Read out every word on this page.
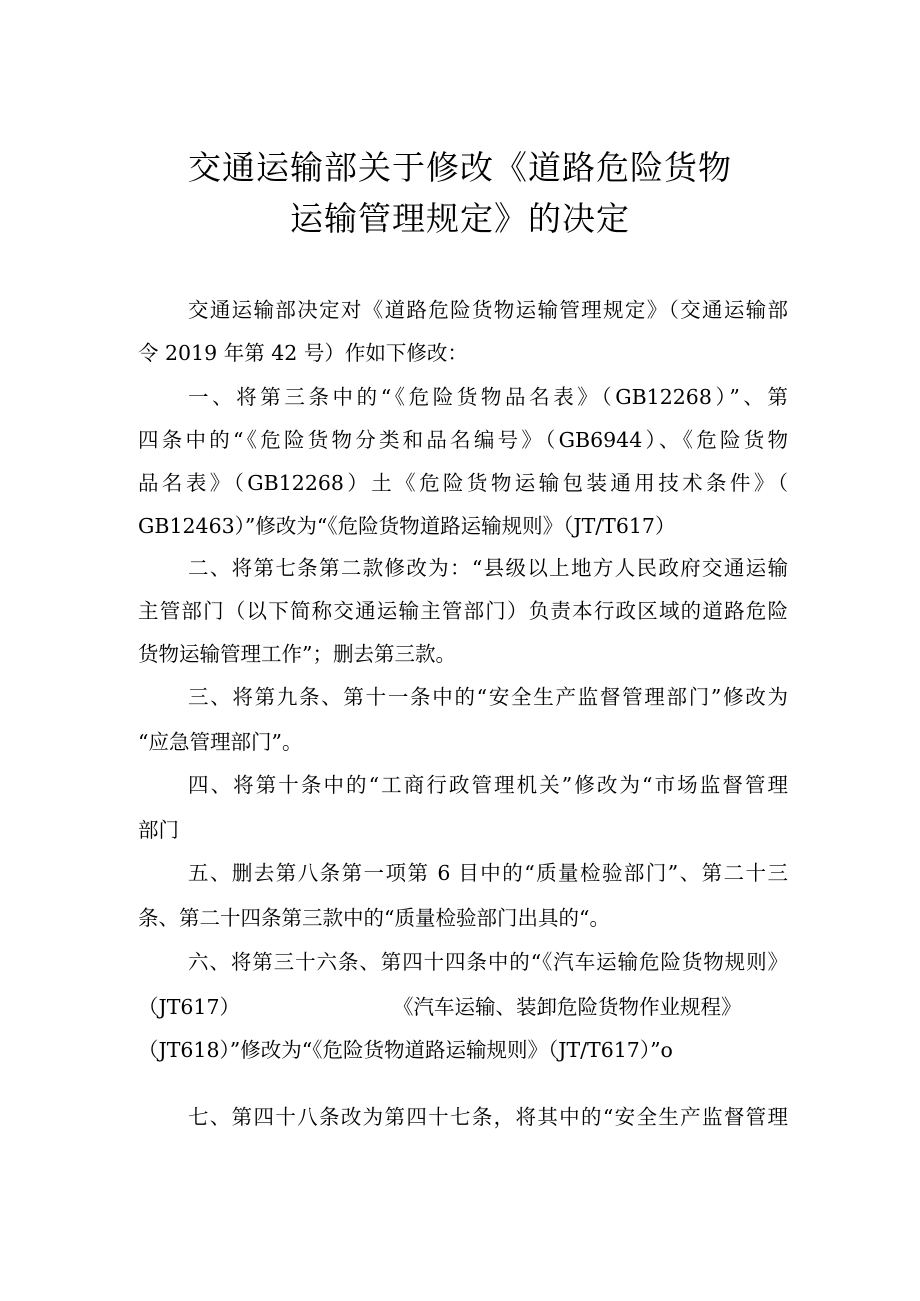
交通运输部关于修改《道路危险货物
运输管理规定》的决定
交通运输部决定对《道路危险货物运输管理规定》（交通运输部
令 2019 年第 42 号）作如下修改：
一、将第三条中的“《危险货物品名表》（GB12268）”、第
四条中的“《危险货物分类和品名编号》（GB6944）、《危险货物
品名表》（GB12268）土《危险货物运输包装通用技术条件》（
GB12463）”修改为“《危险货物道路运输规则》（JT/T617）
二、将第七条第二款修改为：“县级以上地方人民政府交通运输
主管部门（以下简称交通运输主管部门）负责本行政区域的道路危险
货物运输管理工作”；删去第三款。
三、将第九条、第十一条中的“安全生产监督管理部门”修改为
“应急管理部门”。
四、将第十条中的“工商行政管理机关”修改为“市场监督管理
部门
五、删去第八条第一项第 6 目中的“质量检验部门”、第二十三
条、第二十四条第三款中的“质量检验部门出具的“。
六、将第三十六条、第四十四条中的“《汽车运输危险货物规则》
（JT617）	《汽车运输、装卸危险货物作业规程》
（JT618）”修改为“《危险货物道路运输规则》（JT/T617）”o
七、第四十八条改为第四十七条，将其中的“安全生产监督管理
